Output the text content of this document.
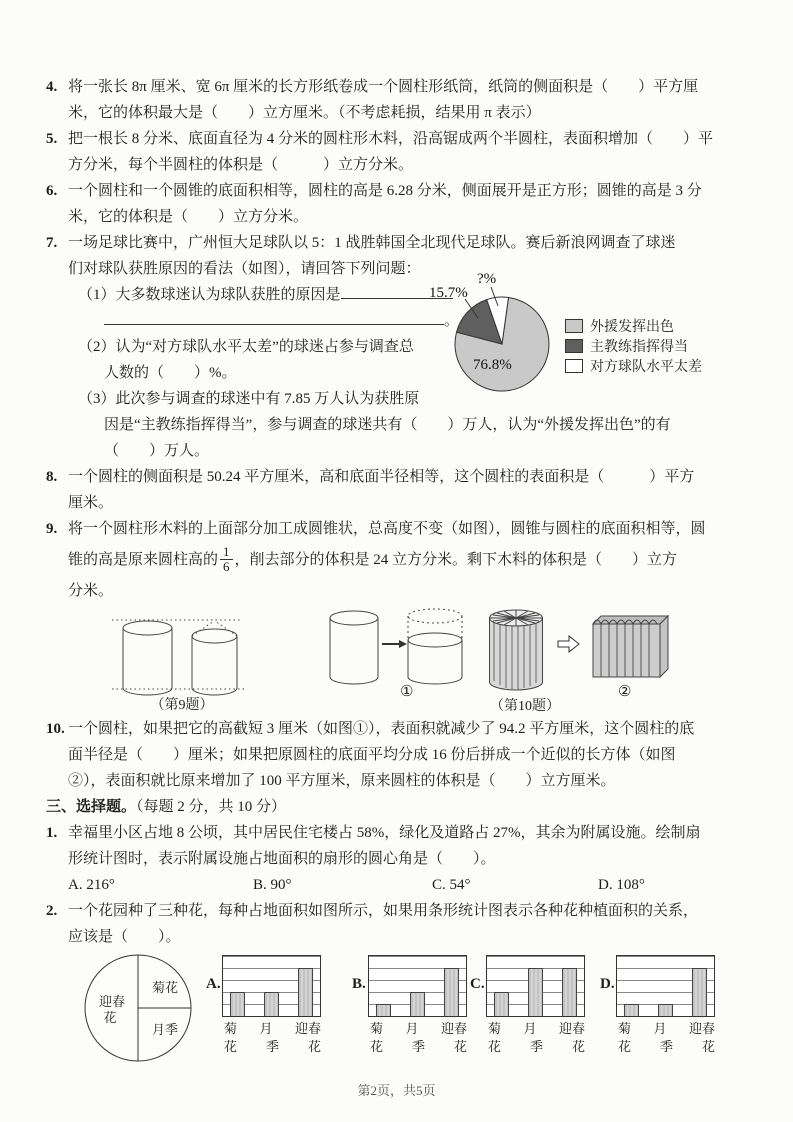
4. 将一张长 8π 厘米、宽 6π 厘米的长方形纸卷成一个圆柱形纸筒，纸筒的侧面积是（　　）平方厘
米，它的体积最大是（　　）立方厘米。（不考虑耗损，结果用 π 表示）
5. 把一根长 8 分米、底面直径为 4 分米的圆柱形木料，沿高锯成两个半圆柱，表面积增加（　　）平
方分米，每个半圆柱的体积是（　　　）立方分米。
6. 一个圆柱和一个圆锥的底面积相等，圆柱的高是 6.28 分米，侧面展开是正方形；圆锥的高是 3 分
米，它的体积是（　　）立方分米。
7. 一场足球比赛中，广州恒大足球队以 5：1 战胜韩国全北现代足球队。赛后新浪网调查了球迷
们对球队获胜原因的看法（如图），请回答下列问题：
（1）大多数球迷认为球队获胜的原因是
。
（2）认为“对方球队水平太差”的球迷占参与调查总
人数的（　　）%。
（3）此次参与调查的球迷中有 7.85 万人认为获胜原
因是“主教练指挥得当”，参与调查的球迷共有（　　）万人，认为“外援发挥出色”的有
（　　）万人。
8. 一个圆柱的侧面积是 50.24 平方厘米，高和底面半径相等，这个圆柱的表面积是（　　　）平方
厘米。
9. 将一个圆柱形木料的上面部分加工成圆锥状，总高度不变（如图），圆锥与圆柱的底面积相等，圆
锥的高是原来圆柱高的 $\frac{1}{6}$ ，削去部分的体积是 24 立方分米。剩下木料的体积是（　　）立方
分米。
（第9题）
①	②
（第10题）
10. 一个圆柱，如果把它的高截短 3 厘米（如图①），表面积就减少了 94.2 平方厘米，这个圆柱的底
面半径是（　　）厘米；如果把原圆柱的底面平均分成 16 份后拼成一个近似的长方体（如图
②），表面积就比原来增加了 100 平方厘米，原来圆柱的体积是（　　）立方厘米。
三、选择题。（每题 2 分，共 10 分）
1. 幸福里小区占地 8 公顷，其中居民住宅楼占 58%，绿化及道路占 27%，其余为附属设施。绘制扇
形统计图时，表示附属设施占地面积的扇形的圆心角是（　　）。
A. 216°	B. 90°	C. 54°	D. 108°
2. 一个花园种了三种花，每种占地面积如图所示，如果用条形统计图表示各种花种植面积的关系，
应该是（　　）。
迎春
花
菊花
月季
A.
菊 月 迎春
花 季 花
B.
菊 月 迎春
花 季 花
C.
菊 月 迎春
花 季 花
D.
菊 月 迎春
花 季 花
15.7%
?%
76.8%
外援发挥出色
主教练指挥得当
对方球队水平太差
第2页，共5页
